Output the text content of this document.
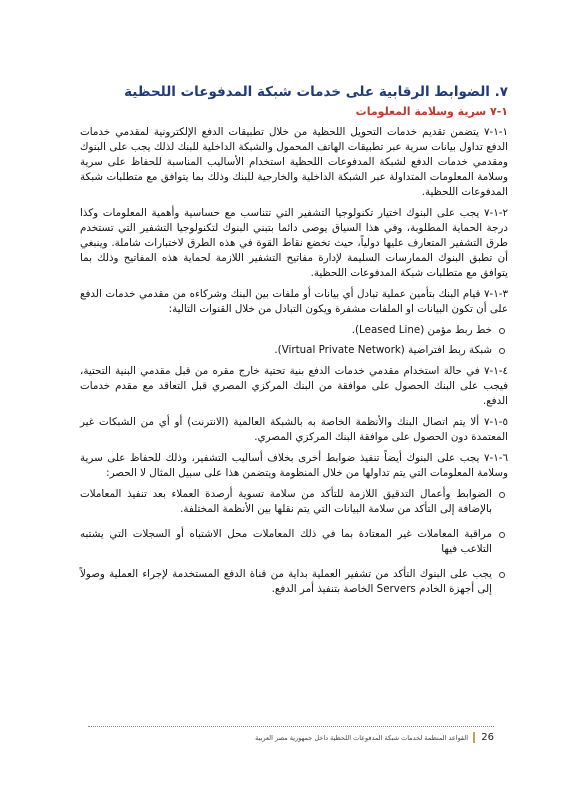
٧. الضوابط الرقابية على خدمات شبكة المدفوعات اللحظية
١-٧ سرية وسلامة المعلومات

١-١-٧ يتضمن تقديم خدمات التحويل اللحظية من خلال تطبيقات الدفع الإلكترونية لمقدمي خدمات الدفع تداول بيانات سرية عبر تطبيقات الهاتف المحمول والشبكة الداخلية للبنك لذلك يجب على البنوك ومقدمي خدمات الدفع لشبكة المدفوعات اللحظية استخدام الأساليب المناسبة للحفاظ على سرية وسلامة المعلومات المتداولة عبر الشبكة الداخلية والخارجية للبنك وذلك بما يتوافق مع متطلبات شبكة المدفوعات اللحظية.

٢-١-٧ يجب على البنوك اختيار تكنولوجيا التشفير التي تتناسب مع حساسية وأهمية المعلومات وكذا درجة الحماية المطلوبة، وفي هذا السياق يوصى دائما بتبني البنوك لتكنولوجيا التشفير التي تستخدم طرق التشفير المتعارف عليها دولياً، حيث تخضع نقاط القوة في هذه الطرق لاختبارات شاملة. وينبغي أن تطبق البنوك الممارسات السليمة لإدارة مفاتيح التشفير اللازمة لحماية هذه المفاتيح وذلك بما يتوافق مع متطلبات شبكة المدفوعات اللحظية.

٣-١-٧ قيام البنك بتأمين عملية تبادل أي بيانات أو ملفات بين البنك وشركاءه من مقدمي خدمات الدفع على أن تكون البيانات او الملفات مشفرة ويكون التبادل من خلال القنوات التالية:

خط ربط مؤمن (Leased Line).
شبكة ربط افتراضية (Virtual Private Network).

٤-١-٧ في حالة استخدام مقدمي خدمات الدفع بنية تحتية خارج مقره من قبل مقدمي البنية التحتية، فيجب على البنك الحصول على موافقة من البنك المركزي المصري قبل التعاقد مع مقدم خدمات الدفع.

٥-١-٧ ألا يتم اتصال البنك والأنظمة الخاصة به بالشبكة العالمية (الانترنت) أو أي من الشبكات غير المعتمدة دون الحصول على موافقة البنك المركزي المصري.

٦-١-٧ يجب على البنوك أيضاً تنفيذ ضوابط أخرى بخلاف أساليب التشفير، وذلك للحفاظ على سرية وسلامة المعلومات التي يتم تداولها من خلال المنظومة ويتضمن هذا على سبيل المثال لا الحصر:

الضوابط وأعمال التدقيق اللازمة للتأكد من سلامة تسوية أرصدة العملاء بعد تنفيذ المعاملات بالإضافة إلى التأكد من سلامة البيانات التي يتم نقلها بين الأنظمة المختلفة.
مراقبة المعاملات غير المعتادة بما في ذلك المعاملات محل الاشتباه أو السجلات التي يشتبه التلاعب فيها
يجب على البنوك التأكد من تشفير العملية بداية من قناة الدفع المستخدمة لإجراء العملية وصولاً إلى أجهزة الخادم Servers الخاصة بتنفيذ أمر الدفع.
26
القواعد المنظمة لخدمات شبكة المدفوعات اللحظية داخل جمهورية مصر العربية
